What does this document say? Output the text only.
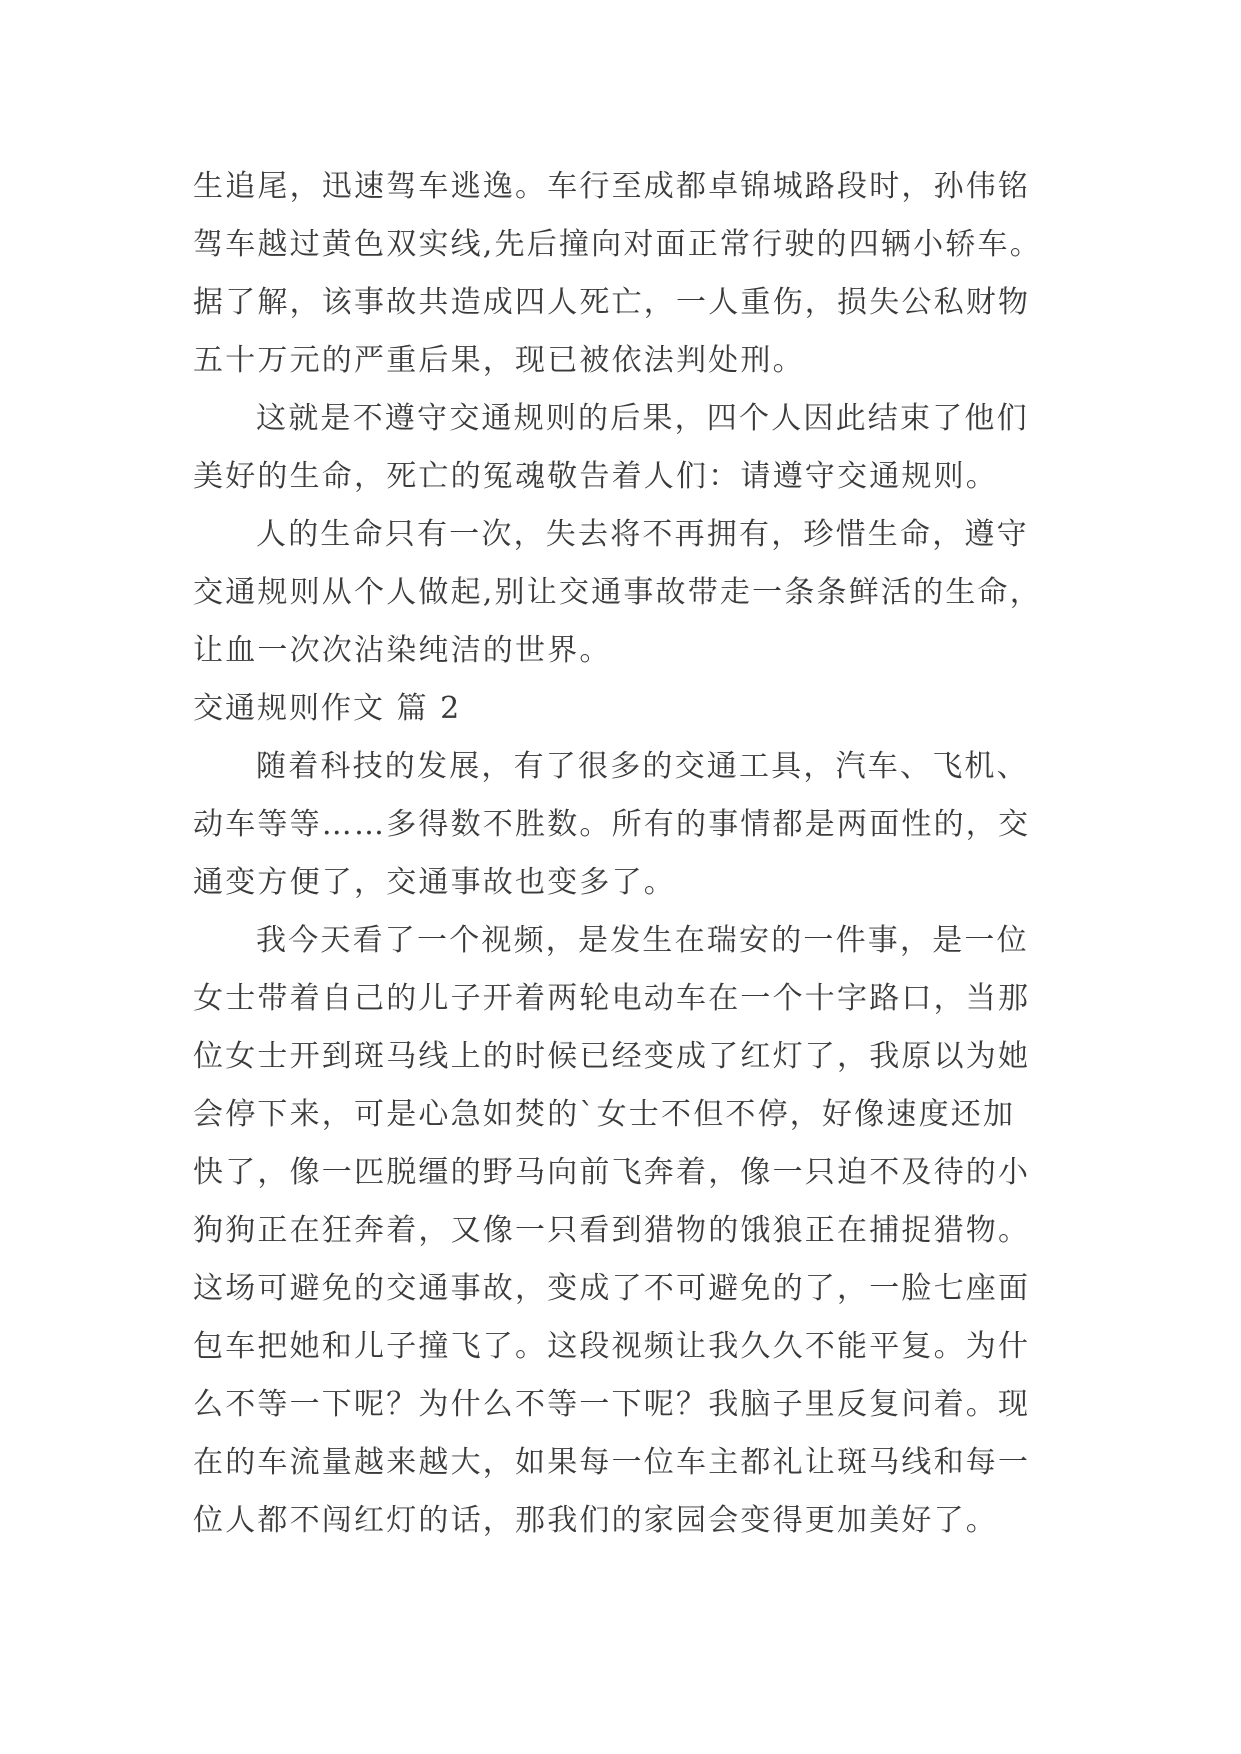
生追尾，迅速驾车逃逸。车行至成都卓锦城路段时，孙伟铭
驾车越过黄色双实线,先后撞向对面正常行驶的四辆小轿车。
据了解，该事故共造成四人死亡，一人重伤，损失公私财物
五十万元的严重后果，现已被依法判处刑。
这就是不遵守交通规则的后果，四个人因此结束了他们
美好的生命，死亡的冤魂敬告着人们：请遵守交通规则。
人的生命只有一次，失去将不再拥有，珍惜生命，遵守
交通规则从个人做起,别让交通事故带走一条条鲜活的生命，
让血一次次沾染纯洁的世界。
交通规则作文 篇 2
随着科技的发展，有了很多的交通工具，汽车、飞机、
动车等等……多得数不胜数。所有的事情都是两面性的，交
通变方便了，交通事故也变多了。
我今天看了一个视频，是发生在瑞安的一件事，是一位
女士带着自己的儿子开着两轮电动车在一个十字路口，当那
位女士开到斑马线上的时候已经变成了红灯了，我原以为她
会停下来，可是心急如焚的`女士不但不停，好像速度还加
快了，像一匹脱缰的野马向前飞奔着，像一只迫不及待的小
狗狗正在狂奔着，又像一只看到猎物的饿狼正在捕捉猎物。
这场可避免的交通事故，变成了不可避免的了，一脸七座面
包车把她和儿子撞飞了。这段视频让我久久不能平复。为什
么不等一下呢？为什么不等一下呢？我脑子里反复问着。现
在的车流量越来越大，如果每一位车主都礼让斑马线和每一
位人都不闯红灯的话，那我们的家园会变得更加美好了。
